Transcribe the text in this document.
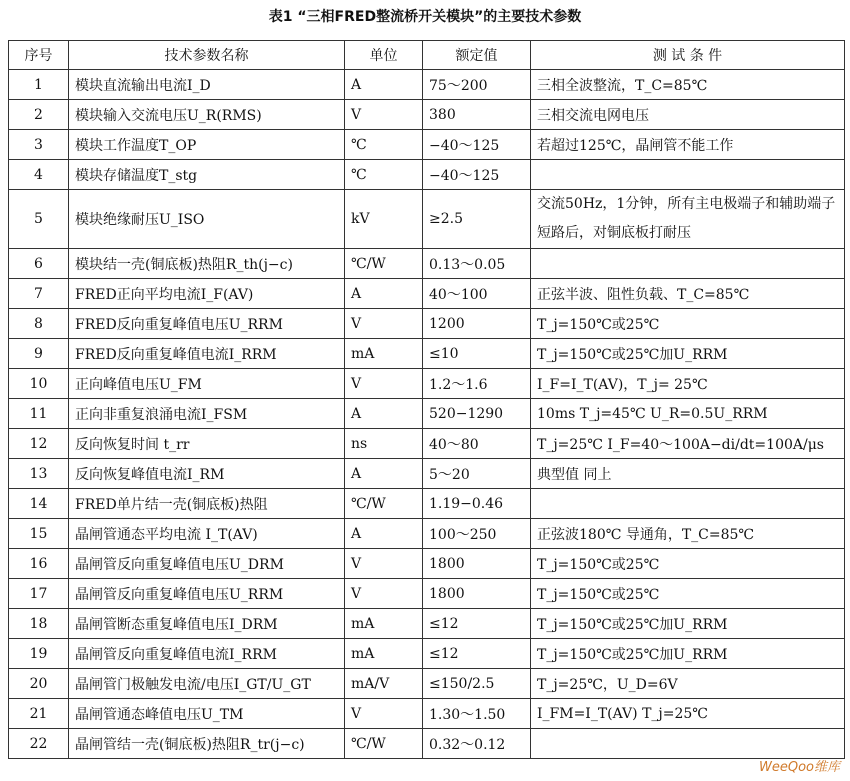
表1 “三相FRED整流桥开关模块”的主要技术参数
序号	技术参数名称	单位	额定值	测 试 条 件
1	模块直流输出电流I_D	A	75～200	三相全波整流，T_C=85℃
2	模块输入交流电压U_R(RMS)	V	380	三相交流电网电压
3	模块工作温度T_OP	℃	−40～125	若超过125℃，晶闸管不能工作
4	模块存储温度T_stg	℃	−40～125	
5	模块绝缘耐压U_ISO	kV	≥2.5	交流50Hz，1分钟，所有主电极端子和辅助端子短路后，对铜底板打耐压
6	模块结一壳(铜底板)热阻R_th(j−c)	℃/W	0.13～0.05	
7	FRED正向平均电流I_F(AV)	A	40～100	正弦半波、阻性负载、T_C=85℃
8	FRED反向重复峰值电压U_RRM	V	1200	T_j=150℃或25℃
9	FRED反向重复峰值电流I_RRM	mA	≤10	T_j=150℃或25℃加U_RRM
10	正向峰值电压U_FM	V	1.2～1.6	I_F=I_T(AV)，T_j= 25℃
11	正向非重复浪涌电流I_FSM	A	520−1290	10ms T_j=45℃ U_R=0.5U_RRM
12	反向恢复时间 t_rr	ns	40～80	T_j=25℃ I_F=40～100A−di/dt=100A/μs
13	反向恢复峰值电流I_RM	A	5～20	典型值 同上
14	FRED单片结一壳(铜底板)热阻	℃/W	1.19−0.46	
15	晶闸管通态平均电流 I_T(AV)	A	100～250	正弦波180℃ 导通角，T_C=85℃
16	晶闸管反向重复峰值电压U_DRM	V	1800	T_j=150℃或25℃
17	晶闸管反向重复峰值电压U_RRM	V	1800	T_j=150℃或25℃
18	晶闸管断态重复峰值电压I_DRM	mA	≤12	T_j=150℃或25℃加U_RRM
19	晶闸管反向重复峰值电流I_RRM	mA	≤12	T_j=150℃或25℃加U_RRM
20	晶闸管门极触发电流/电压I_GT/U_GT	mA/V	≤150/2.5	T_j=25℃，U_D=6V
21	晶闸管通态峰值电压U_TM	V	1.30～1.50	I_FM=I_T(AV) T_j=25℃
22	晶闸管结一壳(铜底板)热阻R_tr(j−c)	℃/W	0.32～0.12	
WeeQoo维库
